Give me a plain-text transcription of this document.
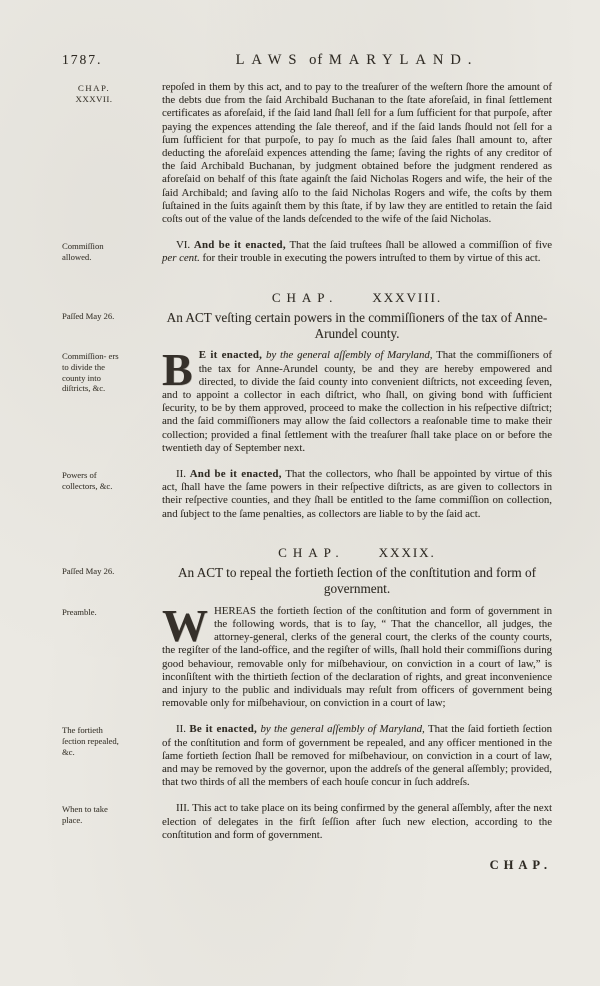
1787.	LAWS of MARYLAND.
CHAP.
XXXVII.
repoſed in them by this act, and to pay to the treaſurer of the weſtern ſhore the amount of the debts due from the ſaid Archibald Buchanan to the ſtate aforeſaid, in final ſettlement certificates as aforeſaid, if the ſaid land ſhall ſell for a ſum ſufficient for that purpoſe, after paying the expences attending the ſale thereof, and if the ſaid lands ſhould not ſell for a ſum ſufficient for that purpoſe, to pay ſo much as the ſaid ſales ſhall amount to, after deducting the aforeſaid expences attending the ſame; ſaving the rights of any creditor of the ſaid Archibald Buchanan, by judgment obtained before the judgment rendered as aforeſaid on behalf of this ſtate againſt the ſaid Nicholas Rogers and wife, the heir of the ſaid Archibald; and ſaving alſo to the ſaid Nicholas Rogers and wife, the coſts by them ſuſtained in the ſuits againſt them by this ſtate, if by law they are entitled to retain the ſaid coſts out of the value of the lands deſcended to the wife of the ſaid Nicholas.
Commiſſion allowed.
VI. And be it enacted, That the ſaid truſtees ſhall be allowed a commiſſion of five per cent. for their trouble in executing the powers intruſted to them by virtue of this act.
CHAP.	XXXVIII.
Paſſed May 26.	An ACT veſting certain powers in the commiſſioners of the tax of Anne-Arundel county.
Commiſſion- ers to divide the county into diſtricts, &c.	B E it enacted, by the general aſſembly of Maryland, That the commiſſioners of the tax for Anne-Arundel county, be and they are hereby empowered and directed, to divide the ſaid county into convenient diſtricts, not exceeding ſeven, and to appoint a collector in each diſtrict, who ſhall, on giving bond with ſufficient ſecurity, to be by them approved, proceed to make the collection in his reſpective diſtrict; and the ſaid commiſſioners may allow the ſaid collectors a reaſonable time to make their collection; provided a final ſettlement with the treaſurer ſhall take place on or before the twentieth day of September next.
Powers of collectors, &c.
II. And be it enacted, That the collectors, who ſhall be appointed by virtue of this act, ſhall have the ſame powers in their reſpective diſtricts, as are given to collectors in their reſpective counties, and they ſhall be entitled to the ſame commiſſion on collection, and ſubject to the ſame penalties, as collectors are liable to by the ſaid act.
CHAP.	XXXIX.
Paſſed May 26.	An ACT to repeal the fortieth ſection of the conſtitution and form of government.
Preamble.	WHEREAS the fortieth ſection of the conſtitution and form of government in the following words, that is to ſay, “ That the chancellor, all judges, the attorney-general, clerks of the general court, the clerks of the county courts, the regiſter of the land-office, and the regiſter of wills, ſhall hold their commiſſions during good behaviour, removable only for miſbehaviour, on conviction in a court of law,” is inconſiſtent with the thirtieth ſection of the declaration of rights, and great inconvenience and injury to the public and individuals may reſult from officers of government being removable only for miſbehaviour, on conviction in a court of law;
The fortieth ſection repealed, &c.
II. Be it enacted, by the general aſſembly of Maryland, That the ſaid fortieth ſection of the conſtitution and form of government be repealed, and any officer mentioned in the ſame fortieth ſection ſhall be removed for miſbehaviour, on conviction in a court of law, and may be removed by the governor, upon the addreſs of the general aſſembly; provided, that two thirds of all the members of each houſe concur in ſuch addreſs.
When to take place.
III. This act to take place on its being confirmed by the general aſſembly, after the next election of delegates in the firſt ſeſſion after ſuch new election, according to the conſtitution and form of government.
CHAP.
